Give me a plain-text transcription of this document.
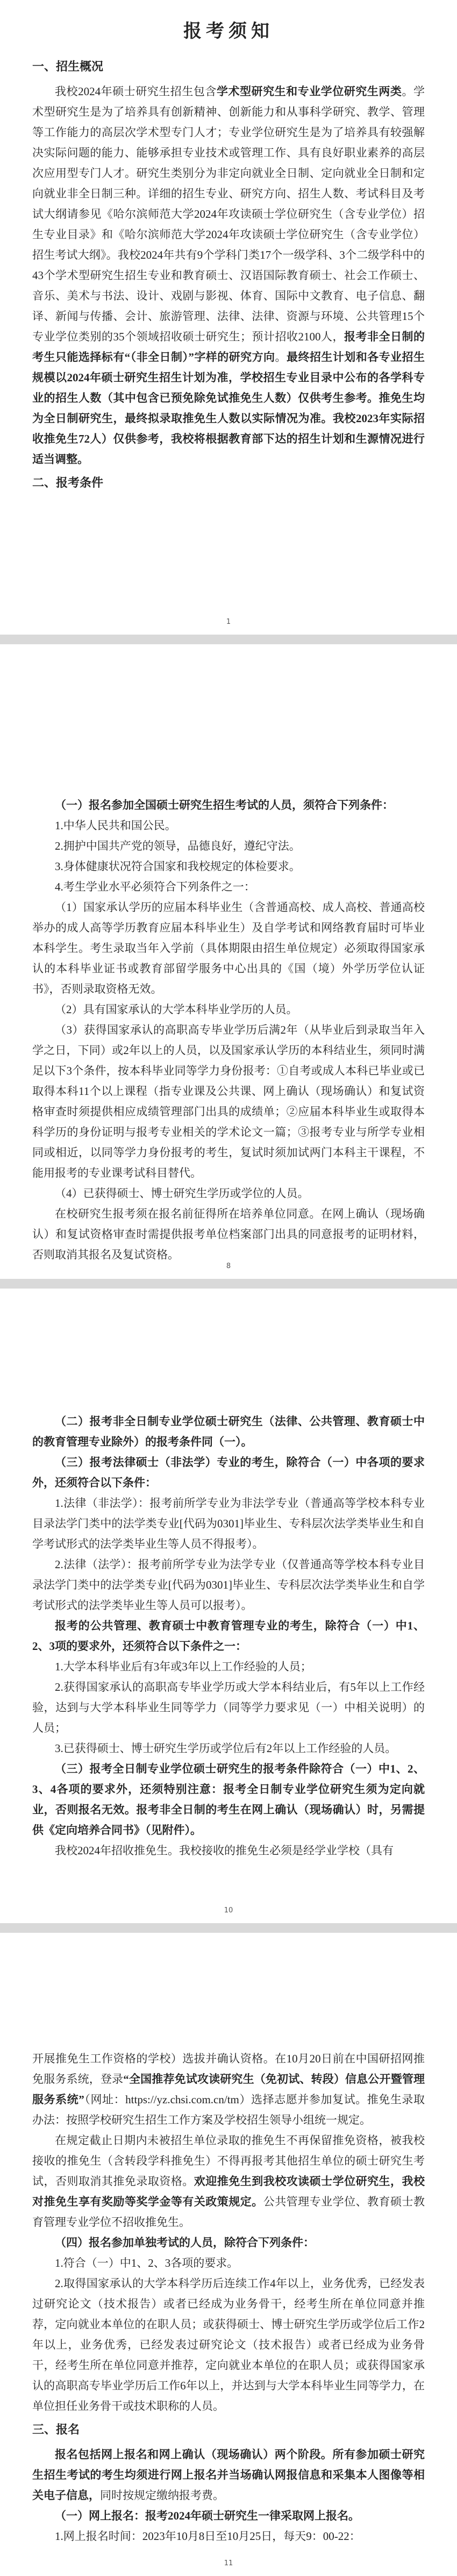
报考须知
一、招生概况

我校2024年硕士研究生招生包含学术型研究生和专业学位研究生两类。学术型研究生是为了培养具有创新精神、创新能力和从事科学研究、教学、管理等工作能力的高层次学术型专门人才；专业学位研究生是为了培养具有较强解决实际问题的能力、能够承担专业技术或管理工作、具有良好职业素养的高层次应用型专门人才。研究生类别分为非定向就业全日制、定向就业全日制和定向就业非全日制三种。详细的招生专业、研究方向、招生人数、考试科目及考试大纲请参见《哈尔滨师范大学2024年攻读硕士学位研究生（含专业学位）招生专业目录》和《哈尔滨师范大学2024年攻读硕士学位研究生（含专业学位）招生考试大纲》。我校2024年共有9个学科门类17个一级学科、3个二级学科中的43个学术型研究生招生专业和教育硕士、汉语国际教育硕士、社会工作硕士、音乐、美术与书法、设计、戏剧与影视、体育、国际中文教育、电子信息、翻译、新闻与传播、会计、旅游管理、法律、法律、资源与环境、公共管理15个专业学位类别的35个领域招收硕士研究生；预计招收2100人，报考非全日制的考生只能选择标有“（非全日制）”字样的研究方向。最终招生计划和各专业招生规模以2024年硕士研究生招生计划为准，学校招生专业目录中公布的各学科专业的招生人数（其中包含已预免除免试推免生人数）仅供考生参考。推免生均为全日制研究生，最终拟录取推免生人数以实际情况为准。我校2023年实际招收推免生72人）仅供参考，我校将根据教育部下达的招生计划和生源情况进行适当调整。

二、报考条件
1

（一）报名参加全国硕士研究生招生考试的人员，须符合下列条件：

1.中华人民共和国公民。

2.拥护中国共产党的领导，品德良好，遵纪守法。

3.身体健康状况符合国家和我校规定的体检要求。

4.考生学业水平必须符合下列条件之一：

（1）国家承认学历的应届本科毕业生（含普通高校、成人高校、普通高校举办的成人高等学历教育应届本科毕业生）及自学考试和网络教育届时可毕业本科学生。考生录取当年入学前（具体期限由招生单位规定）必须取得国家承认的本科毕业证书或教育部留学服务中心出具的《国（境）外学历学位认证书》，否则录取资格无效。

（2）具有国家承认的大学本科毕业学历的人员。

（3）获得国家承认的高职高专毕业学历后满2年（从毕业后到录取当年入学之日，下同）或2年以上的人员，以及国家承认学历的本科结业生，须同时满足以下3个条件，按本科毕业同等学力身份报考：①自考或成人本科已毕业或已取得本科11个以上课程（指专业课及公共课、网上确认（现场确认）和复试资格审查时须提供相应成绩管理部门出具的成绩单；②应届本科毕业生或取得本科学历的身份证明与报考专业相关的学术论文一篇；③报考专业与所学专业相同或相近，以同等学力身份报考的考生，复试时须加试两门本科主干课程，不能用报考的专业课考试科目替代。

（4）已获得硕士、博士研究生学历或学位的人员。

在校研究生报考须在报名前征得所在培养单位同意。在网上确认（现场确认）和复试资格审查时需提供报考单位档案部门出具的同意报考的证明材料，否则取消其报名及复试资格。

8

（二）报考非全日制专业学位硕士研究生（法律、公共管理、教育硕士中的教育管理专业除外）的报考条件同（一）。

（三）报考法律硕士（非法学）专业的考生，除符合（一）中各项的要求外，还须符合以下条件：

1.法律（非法学）：报考前所学专业为非法学专业（普通高等学校本科专业目录法学门类中的法学类专业[代码为0301]毕业生、专科层次法学类毕业生和自学考试形式的法学类毕业生等人员不得报考）。

2.法律（法学）：报考前所学专业为法学专业（仅普通高等学校本科专业目录法学门类中的法学类专业[代码为0301]毕业生、专科层次法学类毕业生和自学考试形式的法学类毕业生等人员可以报考）。

报考的公共管理、教育硕士中教育管理专业的考生，除符合（一）中1、2、3项的要求外，还须符合以下条件之一：

1.大学本科毕业后有3年或3年以上工作经验的人员；

2.获得国家承认的高职高专毕业学历或大学本科结业后，有5年以上工作经验，达到与大学本科毕业生同等学力（同等学力要求见（一）中相关说明）的人员；

3.已获得硕士、博士研究生学历或学位后有2年以上工作经验的人员。

（三）报考全日制专业学位硕士研究生的报考条件除符合（一）中1、2、3、4各项的要求外，还须特别注意：报考全日制专业学位研究生须为定向就业，否则报名无效。报考非全日制的考生在网上确认（现场确认）时，另需提供《定向培养合同书》（见附件）。

我校2024年招收推免生。我校接收的推免生必须是经学业学校（具有

10

开展推免生工作资格的学校）选拔并确认资格。在10月20日前在中国研招网推免服务系统，登录“全国推荐免试攻读研究生（免初试、转段）信息公开暨管理服务系统”（网址：https://yz.chsi.com.cn/tm）选择志愿并参加复试。推免生录取办法：按照学校研究生招生工作方案及学校招生领导小组统一规定。

在规定截止日期内未被招生单位录取的推免生不再保留推免资格，被我校接收的推免生（含转段学科推免生）不得再报考其他招生单位的硕士研究生考试，否则取消其推免录取资格。欢迎推免生到我校攻读硕士学位研究生，我校对推免生享有奖励等奖学金等有关政策规定。公共管理专业学位、教育硕士教育管理专业学位不招收推免生。

（四）报名参加单独考试的人员，除符合下列条件：

1.符合（一）中1、2、3各项的要求。

2.取得国家承认的大学本科学历后连续工作4年以上，业务优秀，已经发表过研究论文（技术报告）或者已经成为业务骨干，经考生所在单位同意并推荐，定向就业本单位的在职人员；或获得硕士、博士研究生学历或学位后工作2年以上，业务优秀，已经发表过研究论文（技术报告）或者已经成为业务骨干，经考生所在单位同意并推荐，定向就业本单位的在职人员；或获得国家承认的高职高专毕业学历后工作6年以上，并达到与大学本科毕业生同等学力，在单位担任业务骨干或技术职称的人员。

三、报名

报名包括网上报名和网上确认（现场确认）两个阶段。所有参加硕士研究生招生考试的考生均须进行网上报名并当场确认网报信息和采集本人图像等相关电子信息，同时按规定缴纳报考费。

（一）网上报名：报考2024年硕士研究生一律采取网上报名。

1.网上报名时间：2023年10月8日至10月25日，每天9：00-22：

11
